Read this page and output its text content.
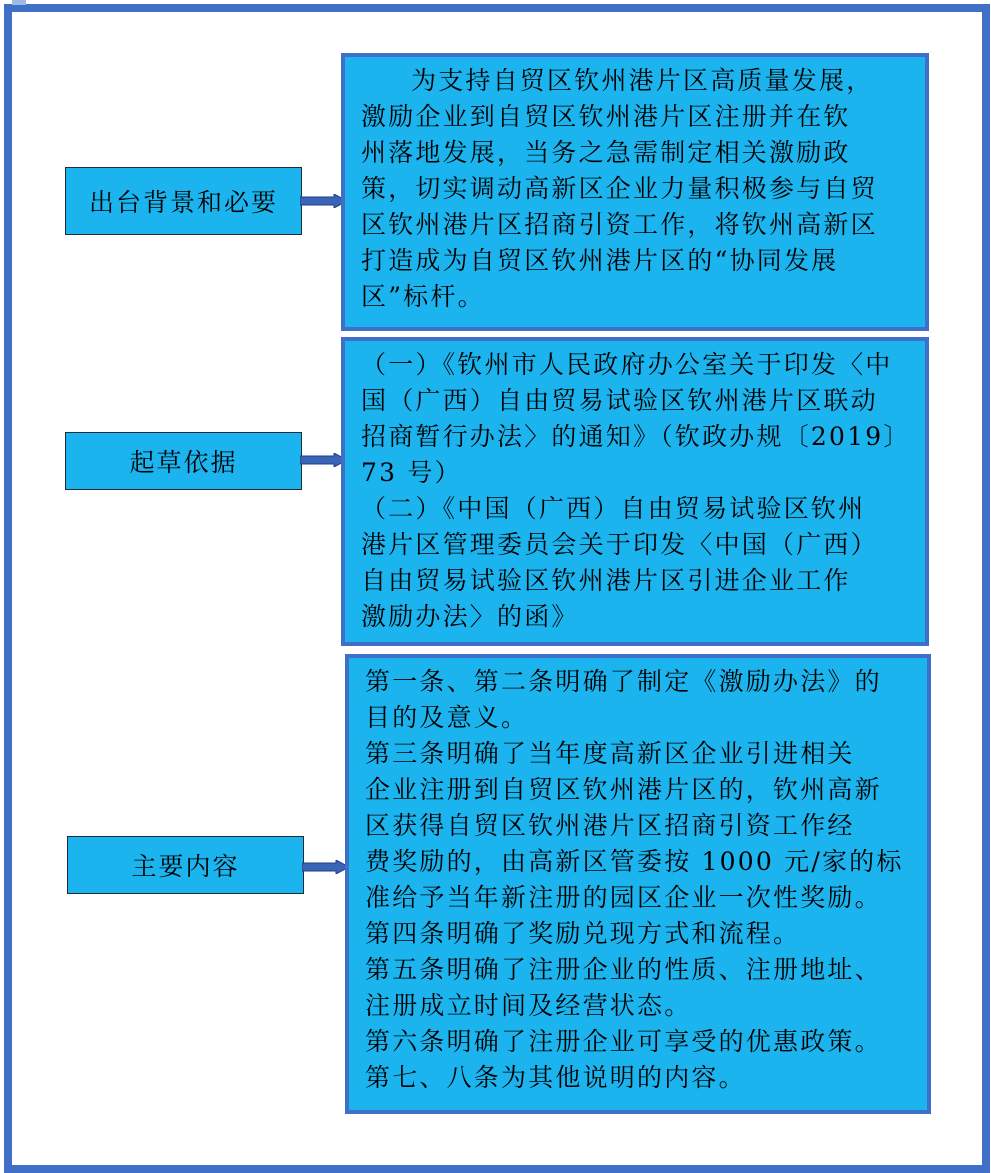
出台背景和必要
为支持自贸区钦州港片区高质量发展，
激励企业到自贸区钦州港片区注册并在钦
州落地发展，当务之急需制定相关激励政
策，切实调动高新区企业力量积极参与自贸
区钦州港片区招商引资工作，将钦州高新区
打造成为自贸区钦州港片区的“协同发展
区”标杆。
起草依据
（一）《钦州市人民政府办公室关于印发〈中
国（广西）自由贸易试验区钦州港片区联动
招商暂行办法〉的通知》（钦政办规〔2019〕
73 号）
（二）《中国（广西）自由贸易试验区钦州
港片区管理委员会关于印发〈中国（广西）
自由贸易试验区钦州港片区引进企业工作
激励办法〉的函》
主要内容
第一条、第二条明确了制定《激励办法》的
目的及意义。
第三条明确了当年度高新区企业引进相关
企业注册到自贸区钦州港片区的，钦州高新
区获得自贸区钦州港片区招商引资工作经
费奖励的，由高新区管委按 1000 元/家的标
准给予当年新注册的园区企业一次性奖励。
第四条明确了奖励兑现方式和流程。
第五条明确了注册企业的性质、注册地址、
注册成立时间及经营状态。
第六条明确了注册企业可享受的优惠政策。
第七、八条为其他说明的内容。
